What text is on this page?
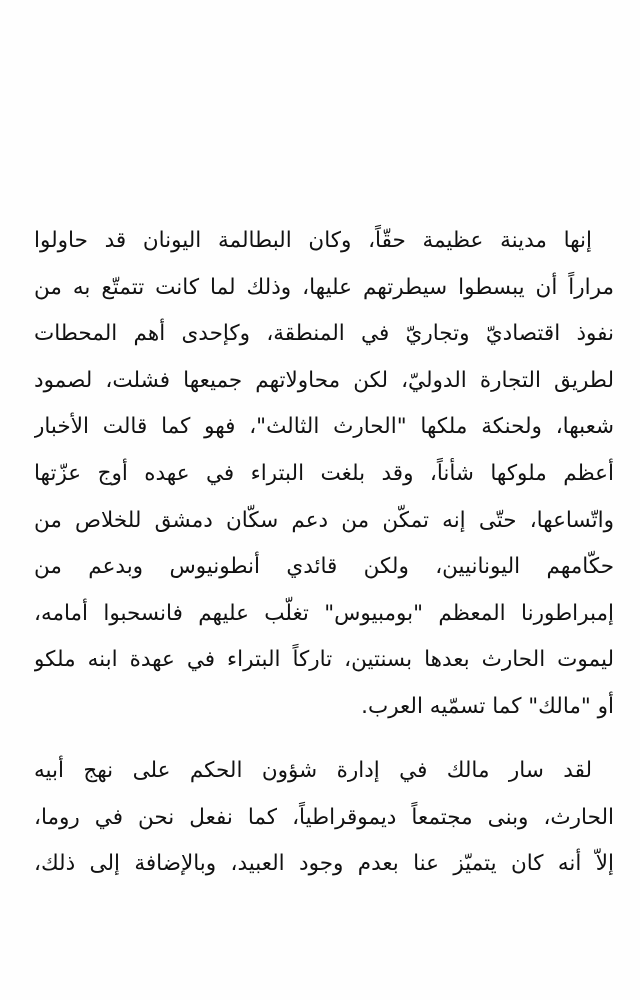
إنها مدينة عظيمة حقّاً، وكان البطالمة اليونان قد حاولوا
مراراً أن يبسطوا سيطرتهم عليها، وذلك لما كانت تتمتّع به من
نفوذ اقتصاديّ وتجاريّ في المنطقة، وكإحدى أهم المحطات
لطريق التجارة الدوليّ، لكن محاولاتهم جميعها فشلت، لصمود
شعبها، ولحنكة ملكها "الحارث الثالث"، فهو كما قالت الأخبار
أعظم ملوكها شأناً، وقد بلغت البتراء في عهده أوج عزّتها
واتّساعها، حتّى إنه تمكّن من دعم سكّان دمشق للخلاص من
حكّامهم اليونانيين، ولكن قائدي أنطونيوس وبدعم من
إمبراطورنا المعظم "بومبيوس" تغلّب عليهم فانسحبوا أمامه،
ليموت الحارث بعدها بسنتين، تاركاً البتراء في عهدة ابنه ملكو
أو "مالك" كما تسمّيه العرب.
لقد سار مالك في إدارة شؤون الحكم على نهج أبيه
الحارث، وبنى مجتمعاً ديموقراطياً، كما نفعل نحن في روما،
إلاّ أنه كان يتميّز عنا بعدم وجود العبيد، وبالإضافة إلى ذلك،
